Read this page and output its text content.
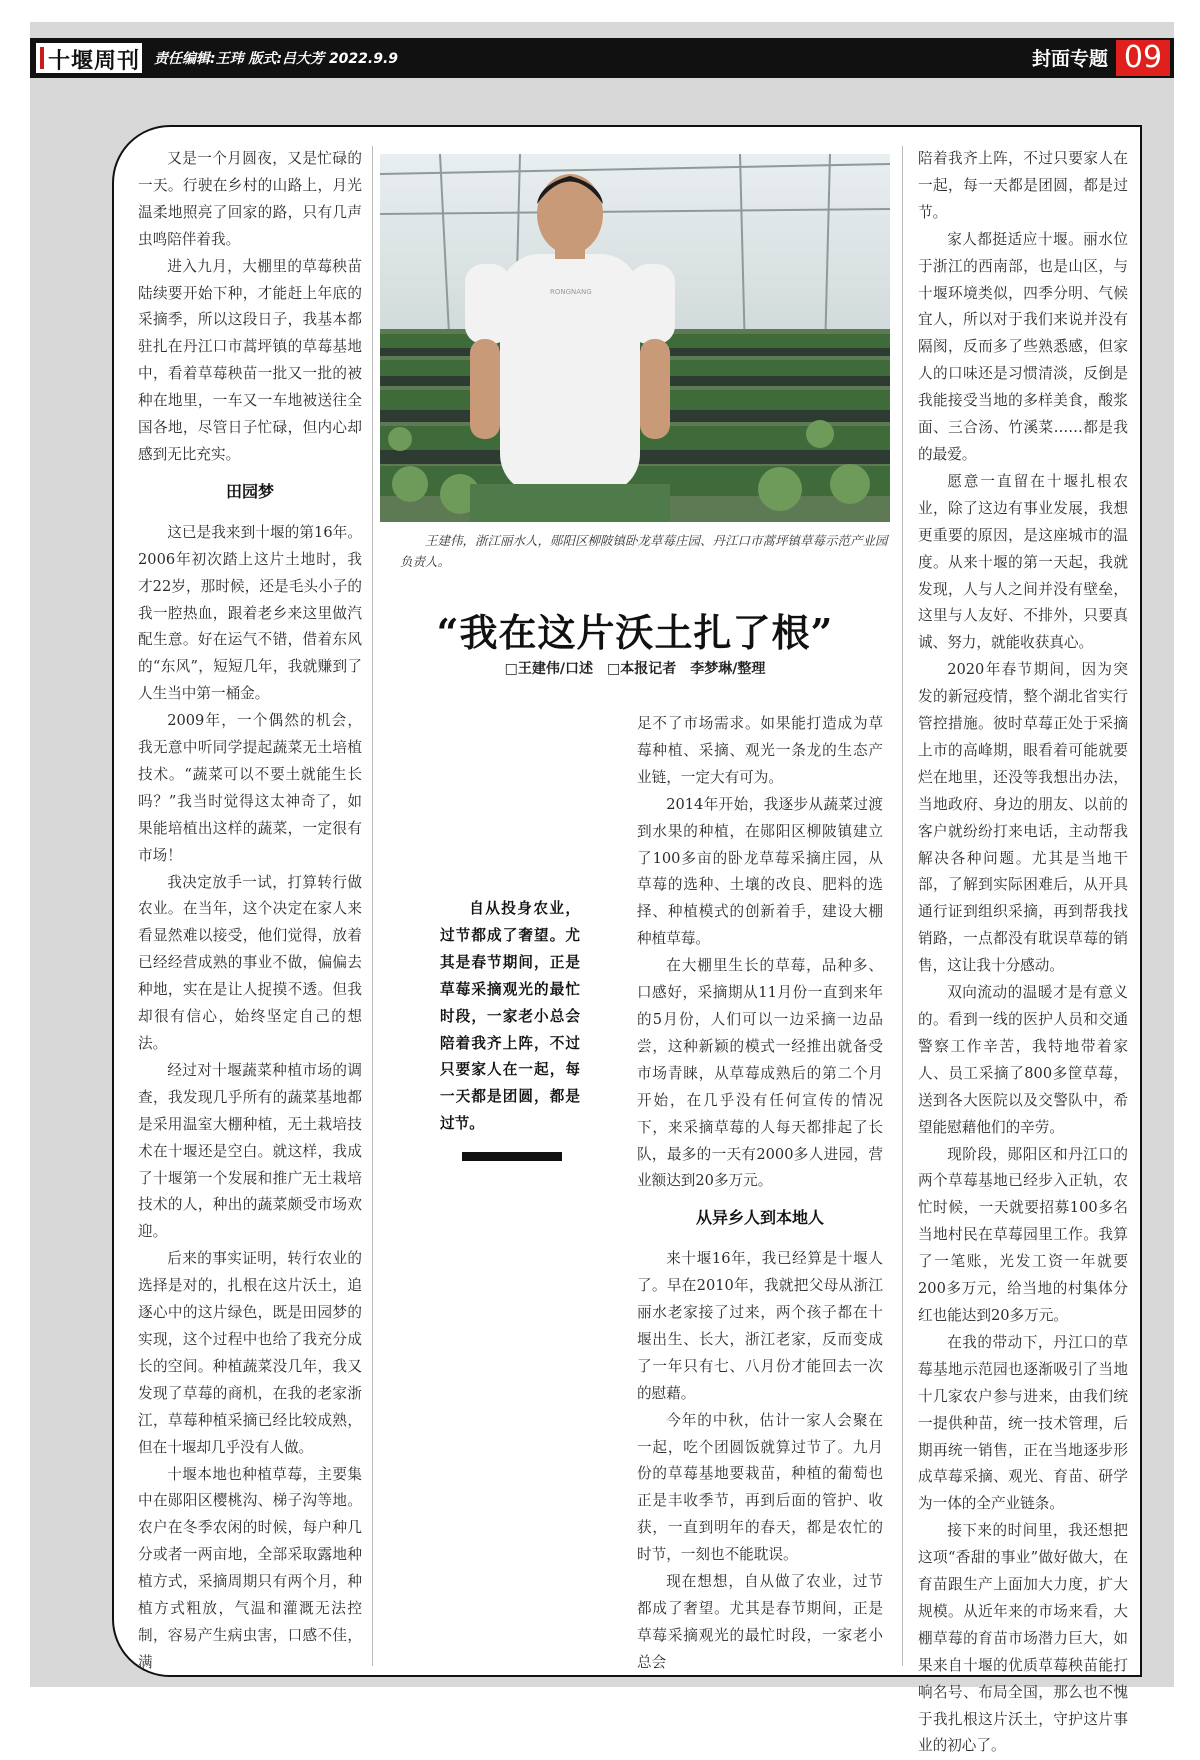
十堰周刊 责任编辑:王玮 版式:吕大芳 2022.9.9	封面专题 09

又是一个月圆夜，又是忙碌的一天。行驶在乡村的山路上，月光温柔地照亮了回家的路，只有几声虫鸣陪伴着我。

进入九月，大棚里的草莓秧苗陆续要开始下种，才能赶上年底的采摘季，所以这段日子，我基本都驻扎在丹江口市蒿坪镇的草莓基地中，看着草莓秧苗一批又一批的被种在地里，一车又一车地被送往全国各地，尽管日子忙碌，但内心却感到无比充实。

田园梦

这已是我来到十堰的第16年。2006年初次踏上这片土地时，我才22岁，那时候，还是毛头小子的我一腔热血，跟着老乡来这里做汽配生意。好在运气不错，借着东风的“东风”，短短几年，我就赚到了人生当中第一桶金。

2009年，一个偶然的机会，我无意中听同学提起蔬菜无土培植技术。“蔬菜可以不要土就能生长吗？”我当时觉得这太神奇了，如果能培植出这样的蔬菜，一定很有市场！

我决定放手一试，打算转行做农业。在当年，这个决定在家人来看显然难以接受，他们觉得，放着已经经营成熟的事业不做，偏偏去种地，实在是让人捉摸不透。但我却很有信心，始终坚定自己的想法。

经过对十堰蔬菜种植市场的调查，我发现几乎所有的蔬菜基地都是采用温室大棚种植，无土栽培技术在十堰还是空白。就这样，我成了十堰第一个发展和推广无土栽培技术的人，种出的蔬菜颇受市场欢迎。

后来的事实证明，转行农业的选择是对的，扎根在这片沃土，追逐心中的这片绿色，既是田园梦的实现，这个过程中也给了我充分成长的空间。种植蔬菜没几年，我又发现了草莓的商机，在我的老家浙江，草莓种植采摘已经比较成熟，但在十堰却几乎没有人做。

十堰本地也种植草莓，主要集中在郧阳区樱桃沟、梯子沟等地。农户在冬季农闲的时候，每户种几分或者一两亩地，全部采取露地种植方式，采摘周期只有两个月，种植方式粗放，气温和灌溉无法控制，容易产生病虫害，口感不佳，满

RONGNANG
王建伟，浙江丽水人，郧阳区柳陂镇卧龙草莓庄园、丹江口市蒿坪镇草莓示范产业园负责人。
“我在这片沃土扎了根”
□王建伟/口述　□本报记者　李梦琳/整理
自从投身农业，过节都成了奢望。尤其是春节期间，正是草莓采摘观光的最忙时段，一家老小总会陪着我齐上阵，不过只要家人在一起，每一天都是团圆，都是过节。

足不了市场需求。如果能打造成为草莓种植、采摘、观光一条龙的生态产业链，一定大有可为。

2014年开始，我逐步从蔬菜过渡到水果的种植，在郧阳区柳陂镇建立了100多亩的卧龙草莓采摘庄园，从草莓的选种、土壤的改良、肥料的选择、种植模式的创新着手，建设大棚种植草莓。

在大棚里生长的草莓，品种多、口感好，采摘期从11月份一直到来年的5月份，人们可以一边采摘一边品尝，这种新颖的模式一经推出就备受市场青睐，从草莓成熟后的第二个月开始，在几乎没有任何宣传的情况下，来采摘草莓的人每天都排起了长队，最多的一天有2000多人进园，营业额达到20多万元。

从异乡人到本地人

来十堰16年，我已经算是十堰人了。早在2010年，我就把父母从浙江丽水老家接了过来，两个孩子都在十堰出生、长大，浙江老家，反而变成了一年只有七、八月份才能回去一次的慰藉。

今年的中秋，估计一家人会聚在一起，吃个团圆饭就算过节了。九月份的草莓基地要栽苗，种植的葡萄也正是丰收季节，再到后面的管护、收获，一直到明年的春天，都是农忙的时节，一刻也不能耽误。

现在想想，自从做了农业，过节都成了奢望。尤其是春节期间，正是草莓采摘观光的最忙时段，一家老小总会

陪着我齐上阵，不过只要家人在一起，每一天都是团圆，都是过节。

家人都挺适应十堰。丽水位于浙江的西南部，也是山区，与十堰环境类似，四季分明、气候宜人，所以对于我们来说并没有隔阂，反而多了些熟悉感，但家人的口味还是习惯清淡，反倒是我能接受当地的多样美食，酸浆面、三合汤、竹溪菜……都是我的最爱。

愿意一直留在十堰扎根农业，除了这边有事业发展，我想更重要的原因，是这座城市的温度。从来十堰的第一天起，我就发现，人与人之间并没有壁垒，这里与人友好、不排外，只要真诚、努力，就能收获真心。

2020年春节期间，因为突发的新冠疫情，整个湖北省实行管控措施。彼时草莓正处于采摘上市的高峰期，眼看着可能就要烂在地里，还没等我想出办法，当地政府、身边的朋友、以前的客户就纷纷打来电话，主动帮我解决各种问题。尤其是当地干部，了解到实际困难后，从开具通行证到组织采摘，再到帮我找销路，一点都没有耽误草莓的销售，这让我十分感动。

双向流动的温暖才是有意义的。看到一线的医护人员和交通警察工作辛苦，我特地带着家人、员工采摘了800多筐草莓，送到各大医院以及交警队中，希望能慰藉他们的辛劳。

现阶段，郧阳区和丹江口的两个草莓基地已经步入正轨，农忙时候，一天就要招募100多名当地村民在草莓园里工作。我算了一笔账，光发工资一年就要200多万元，给当地的村集体分红也能达到20多万元。

在我的带动下，丹江口的草莓基地示范园也逐渐吸引了当地十几家农户参与进来，由我们统一提供种苗，统一技术管理，后期再统一销售，正在当地逐步形成草莓采摘、观光、育苗、研学为一体的全产业链条。

接下来的时间里，我还想把这项“香甜的事业”做好做大，在育苗跟生产上面加大力度，扩大规模。从近年来的市场来看，大棚草莓的育苗市场潜力巨大，如果来自十堰的优质草莓秧苗能打响名号、布局全国，那么也不愧于我扎根这片沃土，守护这片事业的初心了。
